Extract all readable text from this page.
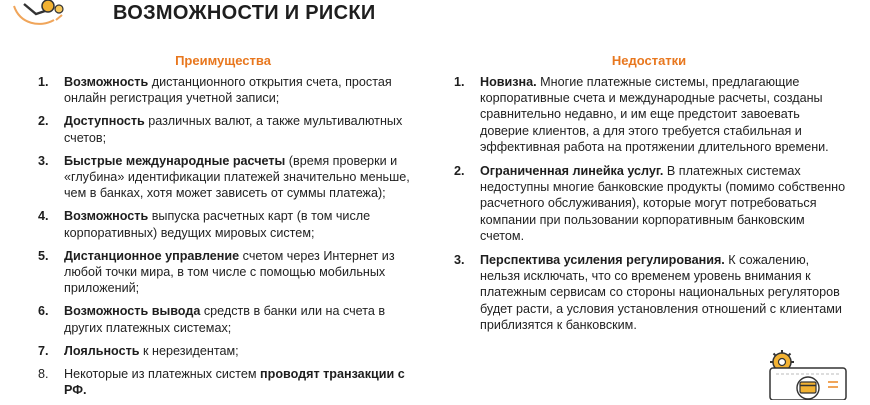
ВОЗМОЖНОСТИ И РИСКИ
Преимущества	Недостатки
1.	Возможность дистанционного открытия счета, простая онлайн регистрация учетной записи;
2.	Доступность различных валют, а также мультивалютных счетов;
3.	Быстрые международные расчеты (время проверки и «глубина» идентификации платежей значительно меньше, чем в банках, хотя может зависеть от суммы платежа);
4.	Возможность выпуска расчетных карт (в том числе корпоративных) ведущих мировых систем;
5.	Дистанционное управление счетом через Интернет из любой точки мира, в том числе с помощью мобильных приложений;
6.	Возможность вывода средств в банки или на счета в других платежных системах;
7.	Лояльность к нерезидентам;
8.	Некоторые из платежных систем проводят транзакции с РФ.
1.	Новизна. Многие платежные системы, предлагающие корпоративные счета и международные расчеты, созданы сравнительно недавно, и им еще предстоит завоевать доверие клиентов, а для этого требуется стабильная и эффективная работа на протяжении длительного времени.
2.	Ограниченная линейка услуг. В платежных системах недоступны многие банковские продукты (помимо собственно расчетного обслуживания), которые могут потребоваться компании при пользовании корпоративным банковским счетом.
3.	Перспектива усиления регулирования. К сожалению, нельзя исключать, что со временем уровень внимания к платежным сервисам со стороны национальных регуляторов будет расти, а условия установления отношений с клиентами приблизятся к банковским.
